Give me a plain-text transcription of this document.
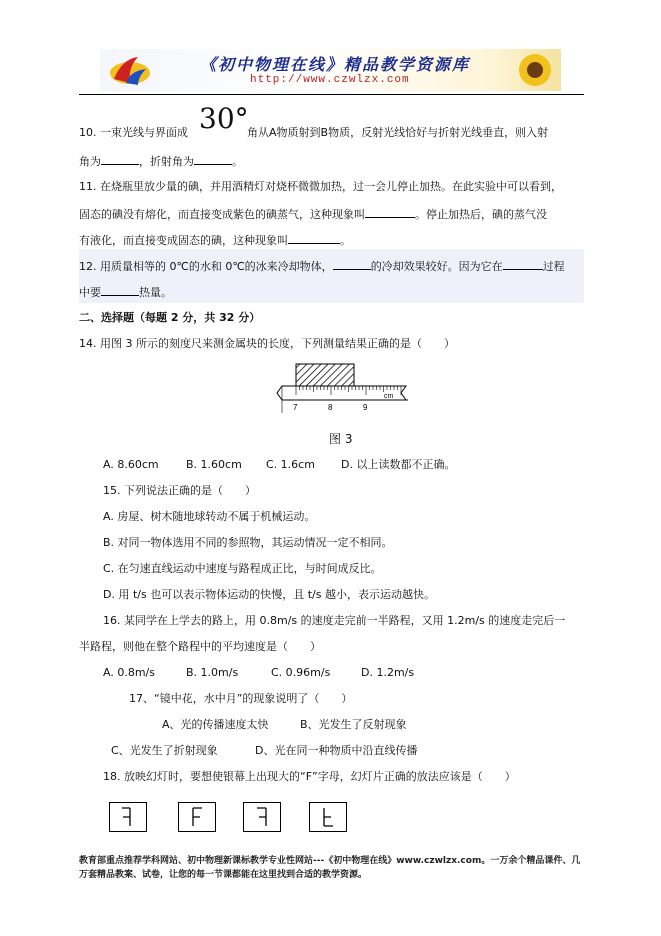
《初中物理在线》精品教学资源库
http://www.czwlzx.com
10. 一束光线与界面成 30°
角从A物质射到B物质，反射光线恰好与折射光线垂直，则入射
角为	，折射角为	。
11. 在烧瓶里放少量的碘，并用酒精灯对烧杯微微加热，过一会儿停止加热。在此实验中可以看到，
固态的碘没有熔化，而直接变成紫色的碘蒸气，这种现象叫	。停止加热后，碘的蒸气没
有液化，而直接变成固态的碘，这种现象叫	。
12. 用质量相等的 0℃的水和 0℃的冰来冷却物体，	的冷却效果较好。因为它在	过程
中要	热量。
二、选择题（每题 2 分，共 32 分）
14. 用图 3 所示的刻度尺来测金属块的长度，下列测量结果正确的是（　　）
7	8	9
cm
图 3
A. 8.60cm B. 1.60cm C. 1.6cm D. 以上读数都不正确。
15. 下列说法正确的是（　　）
A. 房屋、树木随地球转动不属于机械运动。
B. 对同一物体选用不同的参照物，其运动情况一定不相同。
C. 在匀速直线运动中速度与路程成正比，与时间成反比。
D. 用 t/s 也可以表示物体运动的快慢，且 t/s 越小，表示运动越快。
16. 某同学在上学去的路上，用 0.8m/s 的速度走完前一半路程，又用 1.2m/s 的速度走完后一
半路程，则他在整个路程中的平均速度是（　　）
A. 0.8m/s	B. 1.0m/s	C. 0.96m/s	D. 1.2m/s
17、“镜中花，水中月”的现象说明了（　　）
A、光的传播速度太快	B、光发生了反射现象
C、光发生了折射现象	D、光在同一种物质中沿直线传播
18. 放映幻灯时，要想使银幕上出现大的“F”字母，幻灯片正确的放法应该是（　　）
教育部重点推荐学科网站、初中物理新课标教学专业性网站---《初中物理在线》www.czwlzx.com。一万余个精品课件、几万套精品教案、试卷，让您的每一节课都能在这里找到合适的教学资源。
